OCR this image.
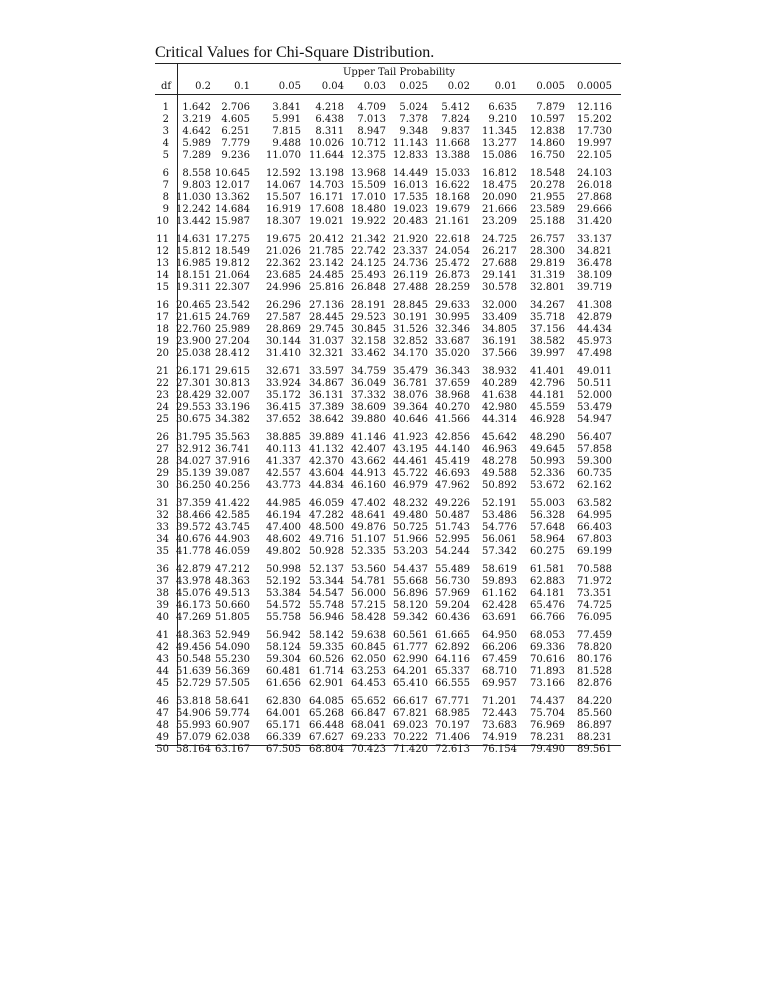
Critical Values for Chi-Square Distribution.
Upper Tail Probability
df	0.2 0.1	0.05 0.04 0.03 0.025 0.02 0.01 0.005 0.0005
1 1.642 2.706 3.841 4.218 4.709 5.024 5.412 6.635 7.879 12.116
2 3.219 4.605 5.991 6.438 7.013 7.378 7.824 9.210 10.597 15.202
3 4.642 6.251 7.815 8.311 8.947 9.348 9.837 11.345 12.838 17.730
4 5.989 7.779 9.488 10.026 10.712 11.143 11.668 13.277 14.860 19.997
5 7.289 9.236 11.070 11.644 12.375 12.833 13.388 15.086 16.750 22.105
6 8.558 10.645 12.592 13.198 13.968 14.449 15.033 16.812 18.548 24.103
7 9.803 12.017 14.067 14.703 15.509 16.013 16.622 18.475 20.278 26.018
8 11.030 13.362 15.507 16.171 17.010 17.535 18.168 20.090 21.955 27.868
9 12.242 14.684 16.919 17.608 18.480 19.023 19.679 21.666 23.589 29.666
10 13.442 15.987 18.307 19.021 19.922 20.483 21.161 23.209 25.188 31.420
11 14.631 17.275 19.675 20.412 21.342 21.920 22.618 24.725 26.757 33.137
12 15.812 18.549 21.026 21.785 22.742 23.337 24.054 26.217 28.300 34.821
13 16.985 19.812 22.362 23.142 24.125 24.736 25.472 27.688 29.819 36.478
14 18.151 21.064 23.685 24.485 25.493 26.119 26.873 29.141 31.319 38.109
15 19.311 22.307 24.996 25.816 26.848 27.488 28.259 30.578 32.801 39.719
16 20.465 23.542 26.296 27.136 28.191 28.845 29.633 32.000 34.267 41.308
17 21.615 24.769 27.587 28.445 29.523 30.191 30.995 33.409 35.718 42.879
18 22.760 25.989 28.869 29.745 30.845 31.526 32.346 34.805 37.156 44.434
19 23.900 27.204 30.144 31.037 32.158 32.852 33.687 36.191 38.582 45.973
20 25.038 28.412 31.410 32.321 33.462 34.170 35.020 37.566 39.997 47.498
21 26.171 29.615 32.671 33.597 34.759 35.479 36.343 38.932 41.401 49.011
22 27.301 30.813 33.924 34.867 36.049 36.781 37.659 40.289 42.796 50.511
23 28.429 32.007 35.172 36.131 37.332 38.076 38.968 41.638 44.181 52.000
24 29.553 33.196 36.415 37.389 38.609 39.364 40.270 42.980 45.559 53.479
25 30.675 34.382 37.652 38.642 39.880 40.646 41.566 44.314 46.928 54.947
26 31.795 35.563 38.885 39.889 41.146 41.923 42.856 45.642 48.290 56.407
27 32.912 36.741 40.113 41.132 42.407 43.195 44.140 46.963 49.645 57.858
28 34.027 37.916 41.337 42.370 43.662 44.461 45.419 48.278 50.993 59.300
29 35.139 39.087 42.557 43.604 44.913 45.722 46.693 49.588 52.336 60.735
30 36.250 40.256 43.773 44.834 46.160 46.979 47.962 50.892 53.672 62.162
31 37.359 41.422 44.985 46.059 47.402 48.232 49.226 52.191 55.003 63.582
32 38.466 42.585 46.194 47.282 48.641 49.480 50.487 53.486 56.328 64.995
33 39.572 43.745 47.400 48.500 49.876 50.725 51.743 54.776 57.648 66.403
34 40.676 44.903 48.602 49.716 51.107 51.966 52.995 56.061 58.964 67.803
35 41.778 46.059 49.802 50.928 52.335 53.203 54.244 57.342 60.275 69.199
36 42.879 47.212 50.998 52.137 53.560 54.437 55.489 58.619 61.581 70.588
37 43.978 48.363 52.192 53.344 54.781 55.668 56.730 59.893 62.883 71.972
38 45.076 49.513 53.384 54.547 56.000 56.896 57.969 61.162 64.181 73.351
39 46.173 50.660 54.572 55.748 57.215 58.120 59.204 62.428 65.476 74.725
40 47.269 51.805 55.758 56.946 58.428 59.342 60.436 63.691 66.766 76.095
41 48.363 52.949 56.942 58.142 59.638 60.561 61.665 64.950 68.053 77.459
42 49.456 54.090 58.124 59.335 60.845 61.777 62.892 66.206 69.336 78.820
43 50.548 55.230 59.304 60.526 62.050 62.990 64.116 67.459 70.616 80.176
44 51.639 56.369 60.481 61.714 63.253 64.201 65.337 68.710 71.893 81.528
45 52.729 57.505 61.656 62.901 64.453 65.410 66.555 69.957 73.166 82.876
46 53.818 58.641 62.830 64.085 65.652 66.617 67.771 71.201 74.437 84.220
47 54.906 59.774 64.001 65.268 66.847 67.821 68.985 72.443 75.704 85.560
48 55.993 60.907 65.171 66.448 68.041 69.023 70.197 73.683 76.969 86.897
49 57.079 62.038 66.339 67.627 69.233 70.222 71.406 74.919 78.231 88.231
50 58.164 63.167 67.505 68.804 70.423 71.420 72.613 76.154 79.490 89.561
